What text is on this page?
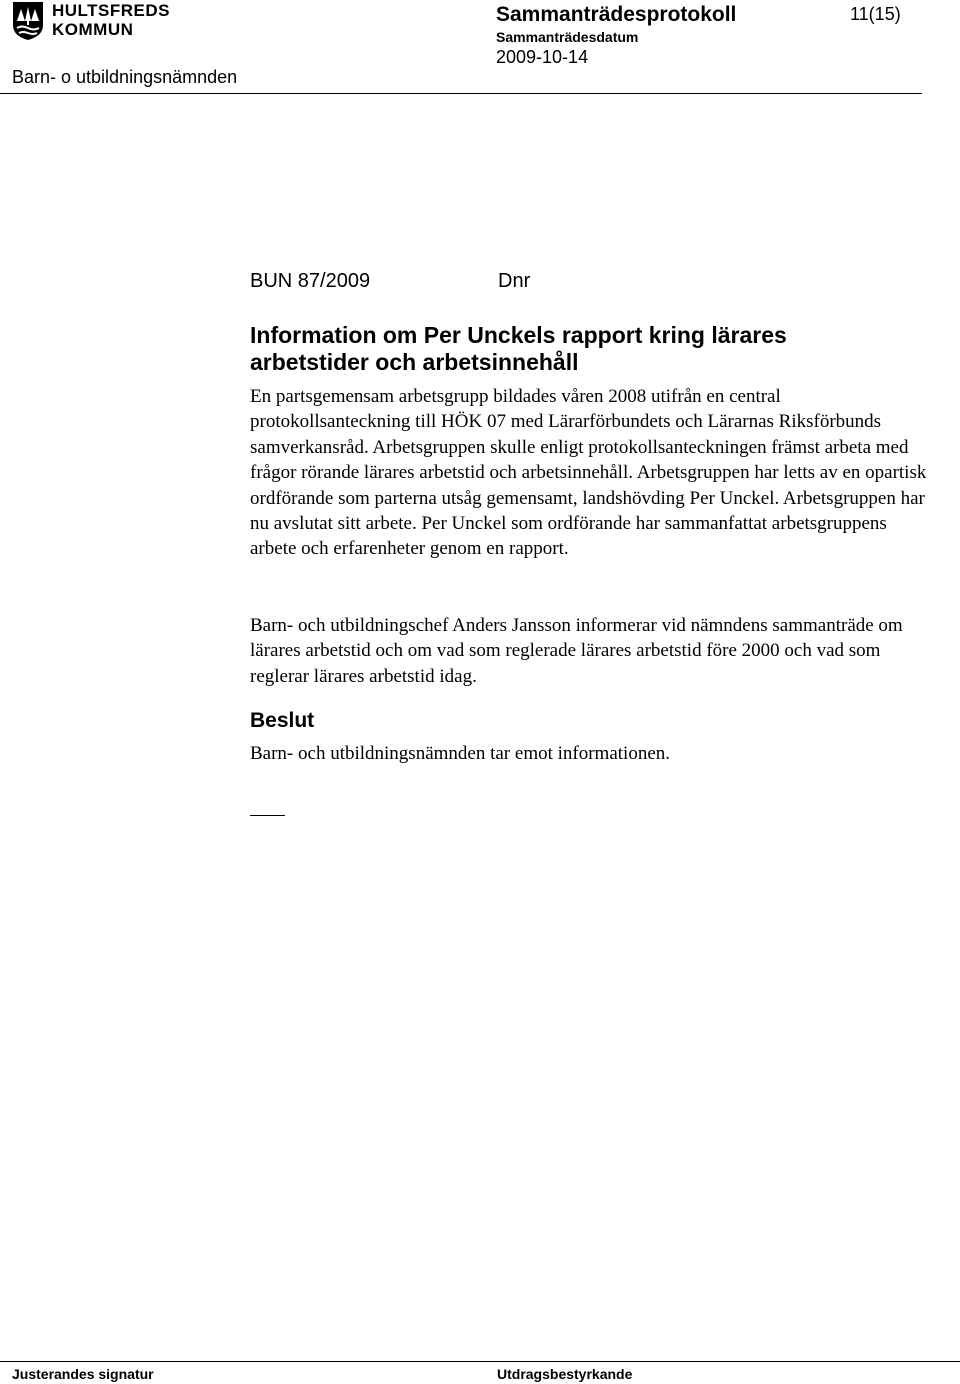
HULTSFREDS
KOMMUN
Barn- o utbildningsnämnden
Sammanträdesprotokoll
Sammanträdesdatum
2009-10-14
11(15)
BUN 87/2009	Dnr
Information om Per Unckels rapport kring lärares arbetstider och arbetsinnehåll

En partsgemensam arbetsgrupp bildades våren 2008 utifrån en central protokollsanteckning till HÖK 07 med Lärarförbundets och Lärarnas Riksförbunds samverkansråd. Arbetsgruppen skulle enligt protokollsanteckningen främst arbeta med frågor rörande lärares arbetstid och arbetsinnehåll. Arbetsgruppen har letts av en opartisk ordförande som parterna utsåg gemensamt, landshövding Per Unckel. Arbetsgruppen har nu avslutat sitt arbete. Per Unckel som ordförande har sammanfattat arbetsgruppens arbete och erfarenheter genom en rapport.

Barn- och utbildningschef Anders Jansson informerar vid nämndens sammanträde om lärares arbetstid och om vad som reglerade lärares arbetstid före 2000 och vad som reglerar lärares arbetstid idag.

Beslut

Barn- och utbildningsnämnden tar emot informationen.

Justerandes signatur	Utdragsbestyrkande
